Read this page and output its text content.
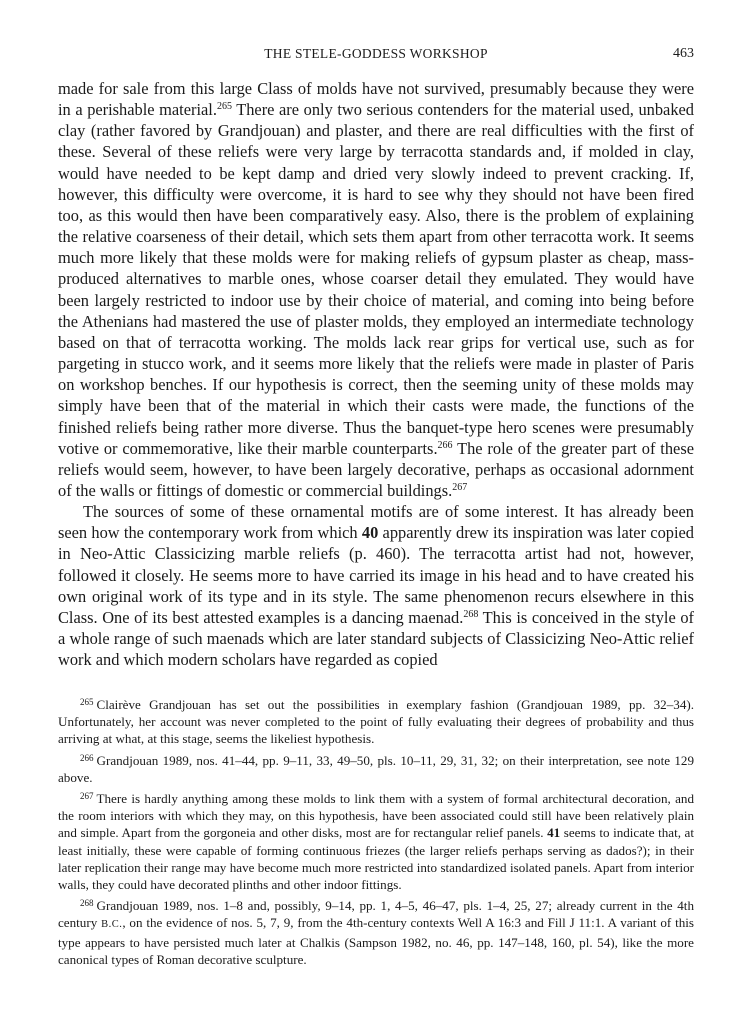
THE STELE-GODDESS WORKSHOP	463

made for sale from this large Class of molds have not survived, presumably because they were in a perishable material.$^{265}$ There are only two serious contenders for the material used, unbaked clay (rather favored by Grandjouan) and plaster, and there are real difficulties with the first of these. Several of these reliefs were very large by terracotta standards and, if molded in clay, would have needed to be kept damp and dried very slowly indeed to prevent cracking. If, however, this difficulty were overcome, it is hard to see why they should not have been fired too, as this would then have been comparatively easy. Also, there is the problem of explaining the relative coarseness of their detail, which sets them apart from other terracotta work. It seems much more likely that these molds were for making reliefs of gypsum plaster as cheap, mass-produced alternatives to marble ones, whose coarser detail they emulated. They would have been largely restricted to indoor use by their choice of material, and coming into being before the Athenians had mastered the use of plaster molds, they employed an intermediate technology based on that of terracotta working. The molds lack rear grips for vertical use, such as for pargeting in stucco work, and it seems more likely that the reliefs were made in plaster of Paris on workshop benches. If our hypothesis is correct, then the seeming unity of these molds may simply have been that of the material in which their casts were made, the functions of the finished reliefs being rather more diverse. Thus the banquet-type hero scenes were presumably votive or commemorative, like their marble counterparts.$^{266}$ The role of the greater part of these reliefs would seem, however, to have been largely decorative, perhaps as occasional adornment of the walls or fittings of domestic or commercial buildings.$^{267}$

The sources of some of these ornamental motifs are of some interest. It has already been seen how the contemporary work from which 40 apparently drew its inspiration was later copied in Neo-Attic Classicizing marble reliefs (p. 460). The terracotta artist had not, however, followed it closely. He seems more to have carried its image in his head and to have created his own original work of its type and in its style. The same phenomenon recurs elsewhere in this Class. One of its best attested examples is a dancing maenad.$^{268}$ This is conceived in the style of a whole range of such maenads which are later standard subjects of Classicizing Neo-Attic relief work and which modern scholars have regarded as copied

$^{265}$ Clairève Grandjouan has set out the possibilities in exemplary fashion (Grandjouan 1989, pp. 32–34). Unfortunately, her account was never completed to the point of fully evaluating their degrees of probability and thus arriving at what, at this stage, seems the likeliest hypothesis.

$^{266}$ Grandjouan 1989, nos. 41–44, pp. 9–11, 33, 49–50, pls. 10–11, 29, 31, 32; on their interpretation, see note 129 above.

$^{267}$ There is hardly anything among these molds to link them with a system of formal architectural decoration, and the room interiors with which they may, on this hypothesis, have been associated could still have been relatively plain and simple. Apart from the gorgoneia and other disks, most are for rectangular relief panels. 41 seems to indicate that, at least initially, these were capable of forming continuous friezes (the larger reliefs perhaps serving as dados?); in their later replication their range may have become much more restricted into standardized isolated panels. Apart from interior walls, they could have decorated plinths and other indoor fittings.

$^{268}$ Grandjouan 1989, nos. 1–8 and, possibly, 9–14, pp. 1, 4–5, 46–47, pls. 1–4, 25, 27; already current in the 4th century B.C., on the evidence of nos. 5, 7, 9, from the 4th-century contexts Well A 16:3 and Fill J 11:1. A variant of this type appears to have persisted much later at Chalkis (Sampson 1982, no. 46, pp. 147–148, 160, pl. 54), like the more canonical types of Roman decorative sculpture.
